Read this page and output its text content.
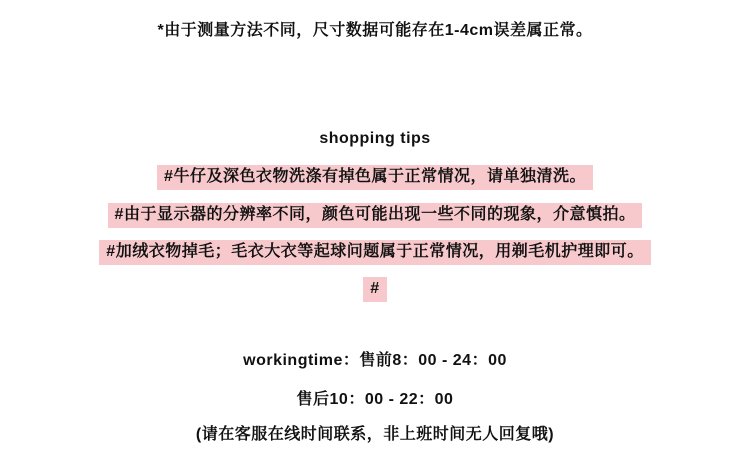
*由于测量方法不同，尺寸数据可能存在1-4cm误差属正常。
shopping tips
#牛仔及深色衣物洗涤有掉色属于正常情况，请单独清洗。
#由于显示器的分辨率不同，颜色可能出现一些不同的现象，介意慎拍。
#加绒衣物掉毛；毛衣大衣等起球问题属于正常情况，用剃毛机护理即可。
#
workingtime：售前8：00 - 24：00
售后10：00 - 22：00
(请在客服在线时间联系，非上班时间无人回复哦)
